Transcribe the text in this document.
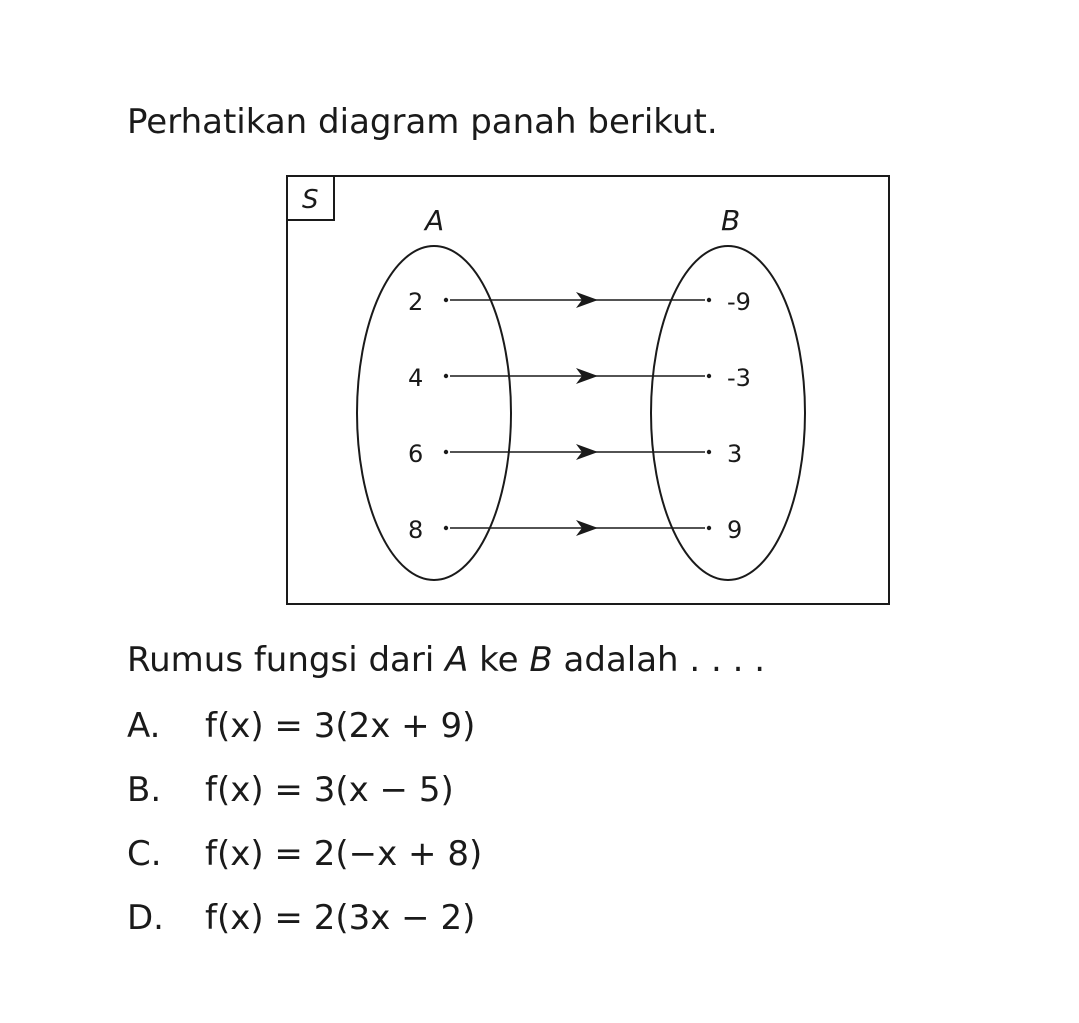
Perhatikan diagram panah berikut.
S
A	B
2	-9
4	-3
6	3
8	9
Rumus fungsi dari A ke B adalah . . . .
A. f(x) = 3(2x + 9)
B. f(x) = 3(x − 5)
C. f(x) = 2(−x + 8)
D. f(x) = 2(3x − 2)
